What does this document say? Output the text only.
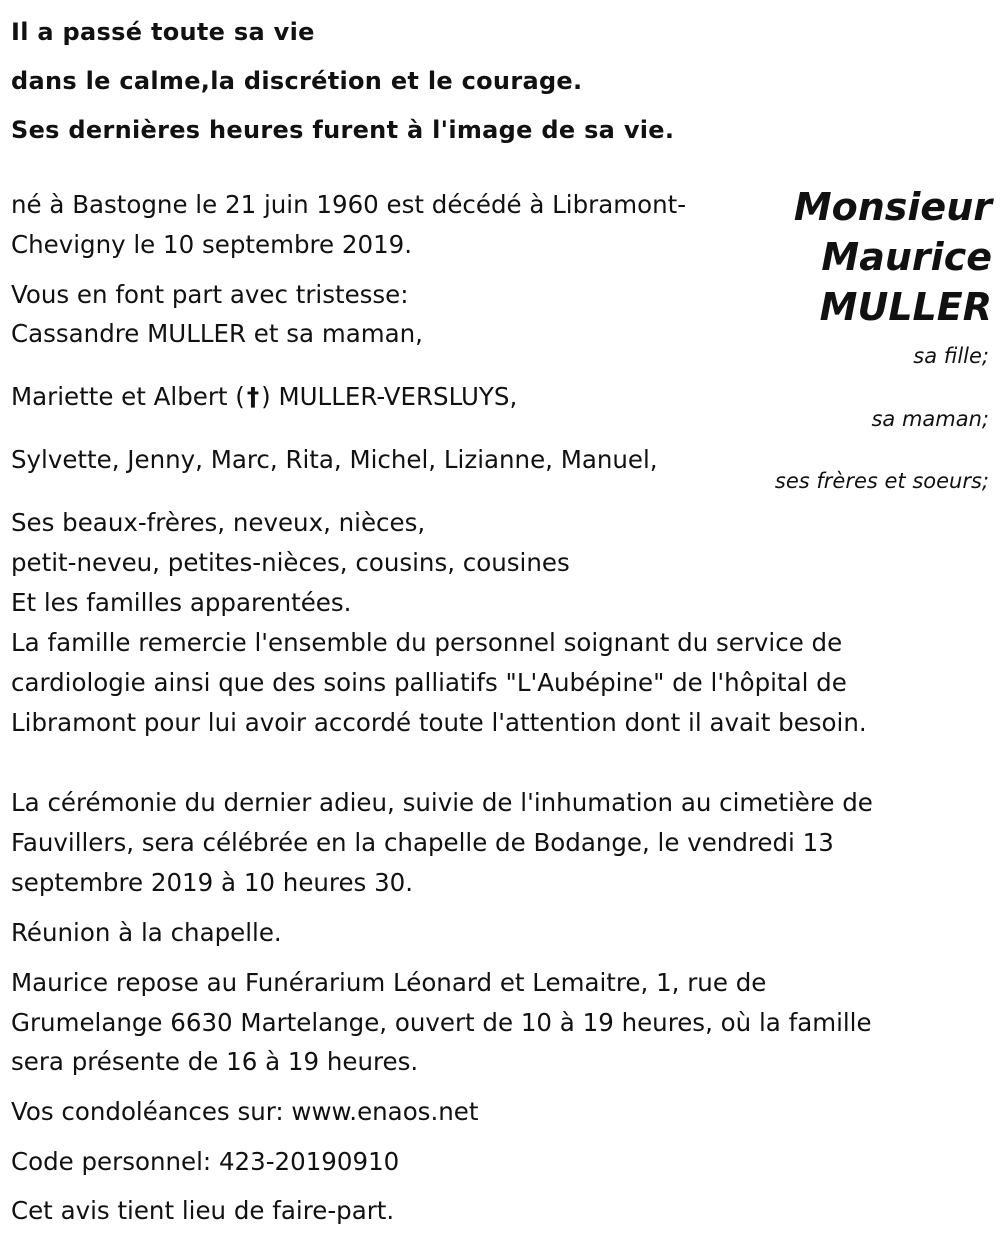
Il a passé toute sa vie
dans le calme,la discrétion et le courage.
Ses dernières heures furent à l'image de sa vie.
Monsieur
Maurice
MULLER
né à Bastogne le 21 juin 1960 est décédé à Libramont-
Chevigny le 10 septembre 2019.
Vous en font part avec tristesse:
Cassandre MULLER et sa maman,
sa fille;
Mariette et Albert (†) MULLER-VERSLUYS,
sa maman;
Sylvette, Jenny, Marc, Rita, Michel, Lizianne, Manuel,
ses frères et soeurs;
Ses beaux-frères, neveux, nièces,
petit-neveu, petites-nièces, cousins, cousines
Et les familles apparentées.
La famille remercie l'ensemble du personnel soignant du service de
cardiologie ainsi que des soins palliatifs "L'Aubépine" de l'hôpital de
Libramont pour lui avoir accordé toute l'attention dont il avait besoin.
La cérémonie du dernier adieu, suivie de l'inhumation au cimetière de
Fauvillers, sera célébrée en la chapelle de Bodange, le vendredi 13
septembre 2019 à 10 heures 30.
Réunion à la chapelle.
Maurice repose au Funérarium Léonard et Lemaitre, 1, rue de
Grumelange 6630 Martelange, ouvert de 10 à 19 heures, où la famille
sera présente de 16 à 19 heures.
Vos condoléances sur: www.enaos.net
Code personnel: 423-20190910
Cet avis tient lieu de faire-part.
